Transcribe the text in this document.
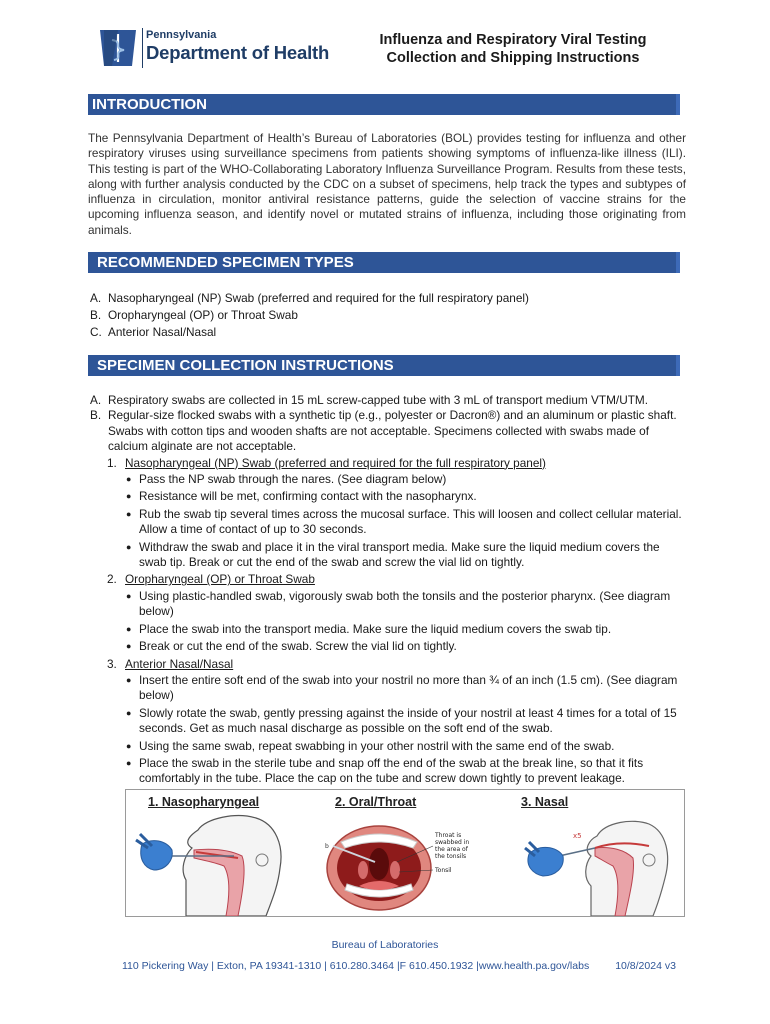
Pennsylvania
Department of Health
Influenza and Respiratory Viral Testing
Collection and Shipping Instructions
INTRODUCTION

The Pennsylvania Department of Health’s Bureau of Laboratories (BOL) provides testing for influenza and other respiratory viruses using surveillance specimens from patients showing symptoms of influenza-like illness (ILI). This testing is part of the WHO-Collaborating Laboratory Influenza Surveillance Program. Results from these tests, along with further analysis conducted by the CDC on a subset of specimens, help track the types and subtypes of influenza in circulation, monitor antiviral resistance patterns, guide the selection of vaccine strains for the upcoming influenza season, and identify novel or mutated strains of influenza, including those originating from animals.

RECOMMENDED SPECIMEN TYPES
A. Nasopharyngeal (NP) Swab (preferred and required for the full respiratory panel)
B. Oropharyngeal (OP) or Throat Swab
C. Anterior Nasal/Nasal
SPECIMEN COLLECTION INSTRUCTIONS
A. Respiratory swabs are collected in 15 mL screw-capped tube with 3 mL of transport medium VTM/UTM.
B. Regular-size flocked swabs with a synthetic tip (e.g., polyester or Dacron®) and an aluminum or plastic shaft. Swabs with cotton tips and wooden shafts are not acceptable. Specimens collected with swabs made of calcium alginate are not acceptable.
1. Nasopharyngeal (NP) Swab (preferred and required for the full respiratory panel)
● Pass the NP swab through the nares. (See diagram below)
● Resistance will be met, confirming contact with the nasopharynx.
● Rub the swab tip several times across the mucosal surface. This will loosen and collect cellular material. Allow a time of contact of up to 30 seconds.
● Withdraw the swab and place it in the viral transport media. Make sure the liquid medium covers the swab tip. Break or cut the end of the swab and screw the vial lid on tightly.
2. Oropharyngeal (OP) or Throat Swab
● Using plastic-handled swab, vigorously swab both the tonsils and the posterior pharynx. (See diagram below)
● Place the swab into the transport media. Make sure the liquid medium covers the swab tip.
● Break or cut the end of the swab. Screw the vial lid on tightly.
3. Anterior Nasal/Nasal
● Insert the entire soft end of the swab into your nostril no more than ¾ of an inch (1.5 cm). (See diagram below)
● Slowly rotate the swab, gently pressing against the inside of your nostril at least 4 times for a total of 15 seconds. Get as much nasal discharge as possible on the soft end of the swab.
● Using the same swab, repeat swabbing in your other nostril with the same end of the swab.
● Place the swab in the sterile tube and snap off the end of the swab at the break line, so that it fits comfortably in the tube. Place the cap on the tube and screw down tightly to prevent leakage.
1. Nasopharyngeal	2. Oral/Throat
b
Throat is
swabbed in
the area of
the tonsils
Tonsil
3. Nasal
x5
Bureau of Laboratories
110 Pickering Way | Exton, PA 19341-1310 | 610.280.3464 |F 610.450.1932 |www.health.pa.gov/labs 10/8/2024 v3
